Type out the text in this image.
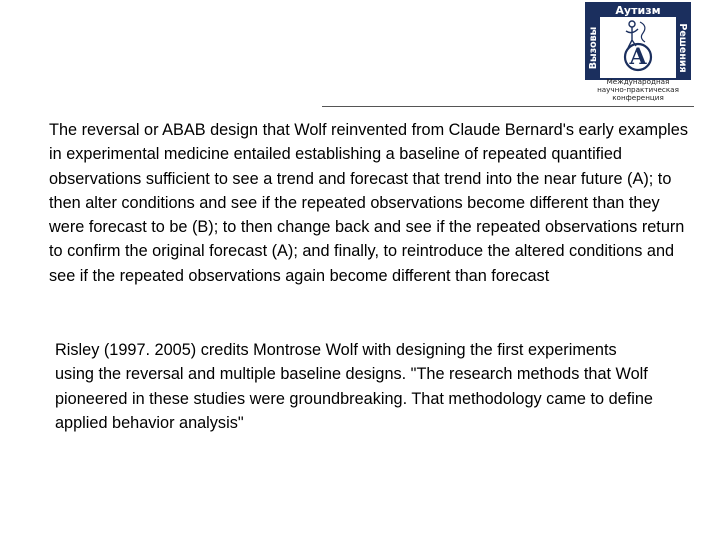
Аутизм
Вызовы	Решения
A
Международная
научно-практическая
конференция

The reversal or ABAB design that Wolf reinvented from Claude Bernard's early examples in experimental medicine entailed establishing a baseline of repeated quantified observations sufficient to see a trend and forecast that trend into the near future (A); to then alter conditions and see if the repeated observations become different than they were forecast to be (B); to then change back and see if the repeated observations return to confirm the original forecast (A); and finally, to reintroduce the altered conditions and see if the repeated observations again become different than forecast

Risley (1997. 2005) credits Montrose Wolf with designing the first experiments using the reversal and multiple baseline designs. "The research methods that Wolf pioneered in these studies were groundbreaking. That methodology came to define applied behavior analysis"
